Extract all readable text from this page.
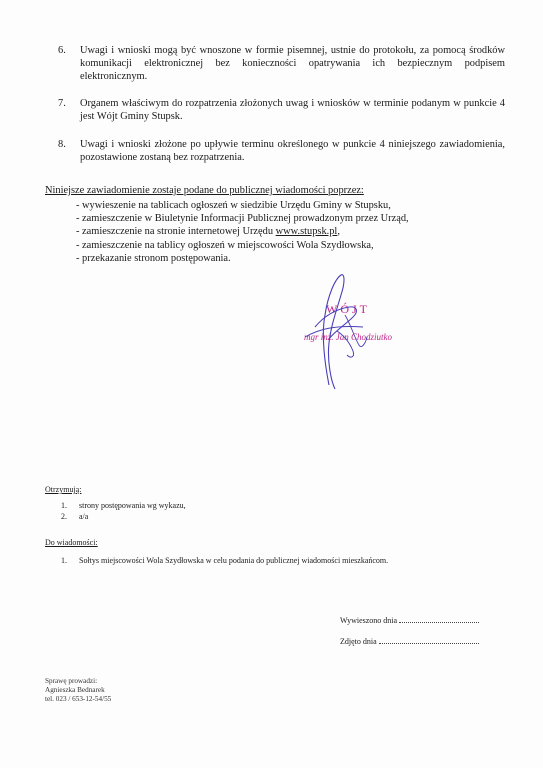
6. Uwagi i wnioski mogą być wnoszone w formie pisemnej, ustnie do protokołu, za pomocą środków komunikacji elektronicznej bez konieczności opatrywania ich bezpiecznym podpisem elektronicznym.
7. Organem właściwym do rozpatrzenia złożonych uwag i wniosków w terminie podanym w punkcie 4 jest Wójt Gminy Stupsk.
8. Uwagi i wnioski złożone po upływie terminu określonego w punkcie 4 niniejszego zawiadomienia, pozostawione zostaną bez rozpatrzenia.
Niniejsze zawiadomienie zostaje podane do publicznej wiadomości poprzez:
- wywieszenie na tablicach ogłoszeń w siedzibie Urzędu Gminy w Stupsku,
- zamieszczenie w Biuletynie Informacji Publicznej prowadzonym przez Urząd,
- zamieszczenie na stronie internetowej Urzędu www.stupsk.pl,
- zamieszczenie na tablicy ogłoszeń w miejscowości Wola Szydłowska,
- przekazanie stronom postępowania.
WÓJT
mgr inż. Jan Chodziutko
Otrzymują:
1. strony postępowania wg wykazu,
2. a/a
Do wiadomości:
1. Sołtys miejscowości Wola Szydłowska w celu podania do publicznej wiadomości mieszkańcom.
Wywieszono dnia
Zdjęto dnia
Sprawę prowadzi:
Agnieszka Bednarek
tel. 023 / 653-12-54/55
